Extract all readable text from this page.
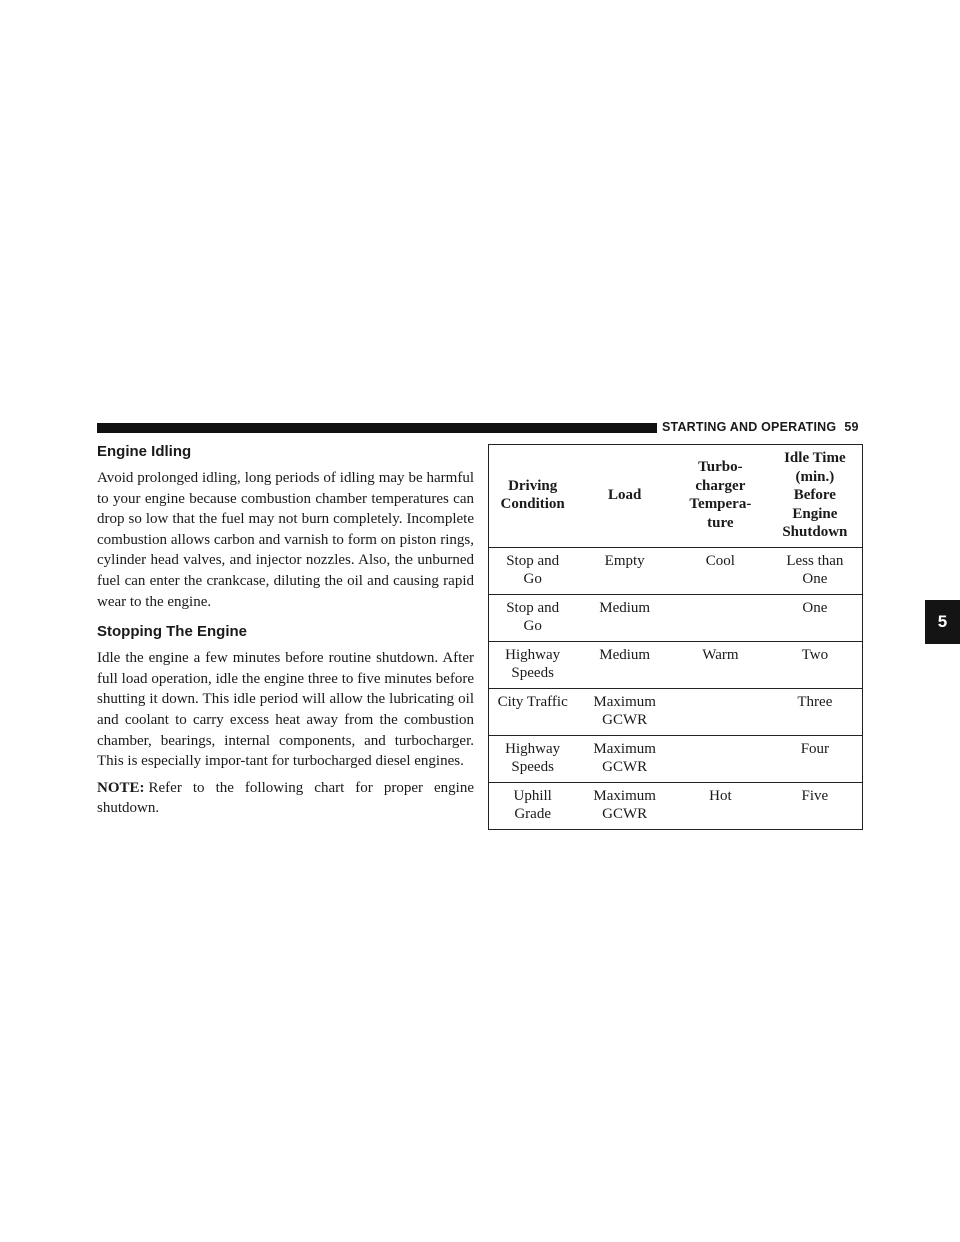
STARTING AND OPERATING 59
5
Engine Idling

Avoid prolonged idling, long periods of idling may be harmful to your engine because combustion chamber temperatures can drop so low that the fuel may not burn completely. Incomplete combustion allows carbon and varnish to form on piston rings, cylinder head valves, and injector nozzles. Also, the unburned fuel can enter the crankcase, diluting the oil and causing rapid wear to the engine.

Stopping The Engine

Idle the engine a few minutes before routine shutdown. After full load operation, idle the engine three to five minutes before shutting it down. This idle period will allow the lubricating oil and coolant to carry excess heat away from the combustion chamber, bearings, internal components, and turbocharger. This is especially impor-tant for turbocharged diesel engines.

NOTE: Refer to the following chart for proper engine shutdown.

Driving
Condition	Load	Turbo-
charger
Tempera-
ture	Idle Time
(min.)
Before
Engine
Shutdown
Stop and
Go	Empty	Cool	Less than
One
Stop and
Go	Medium		One
Highway
Speeds	Medium	Warm	Two
City Traffic	Maximum
GCWR		Three
Highway
Speeds	Maximum
GCWR		Four
Uphill
Grade	Maximum
GCWR	Hot	Five
